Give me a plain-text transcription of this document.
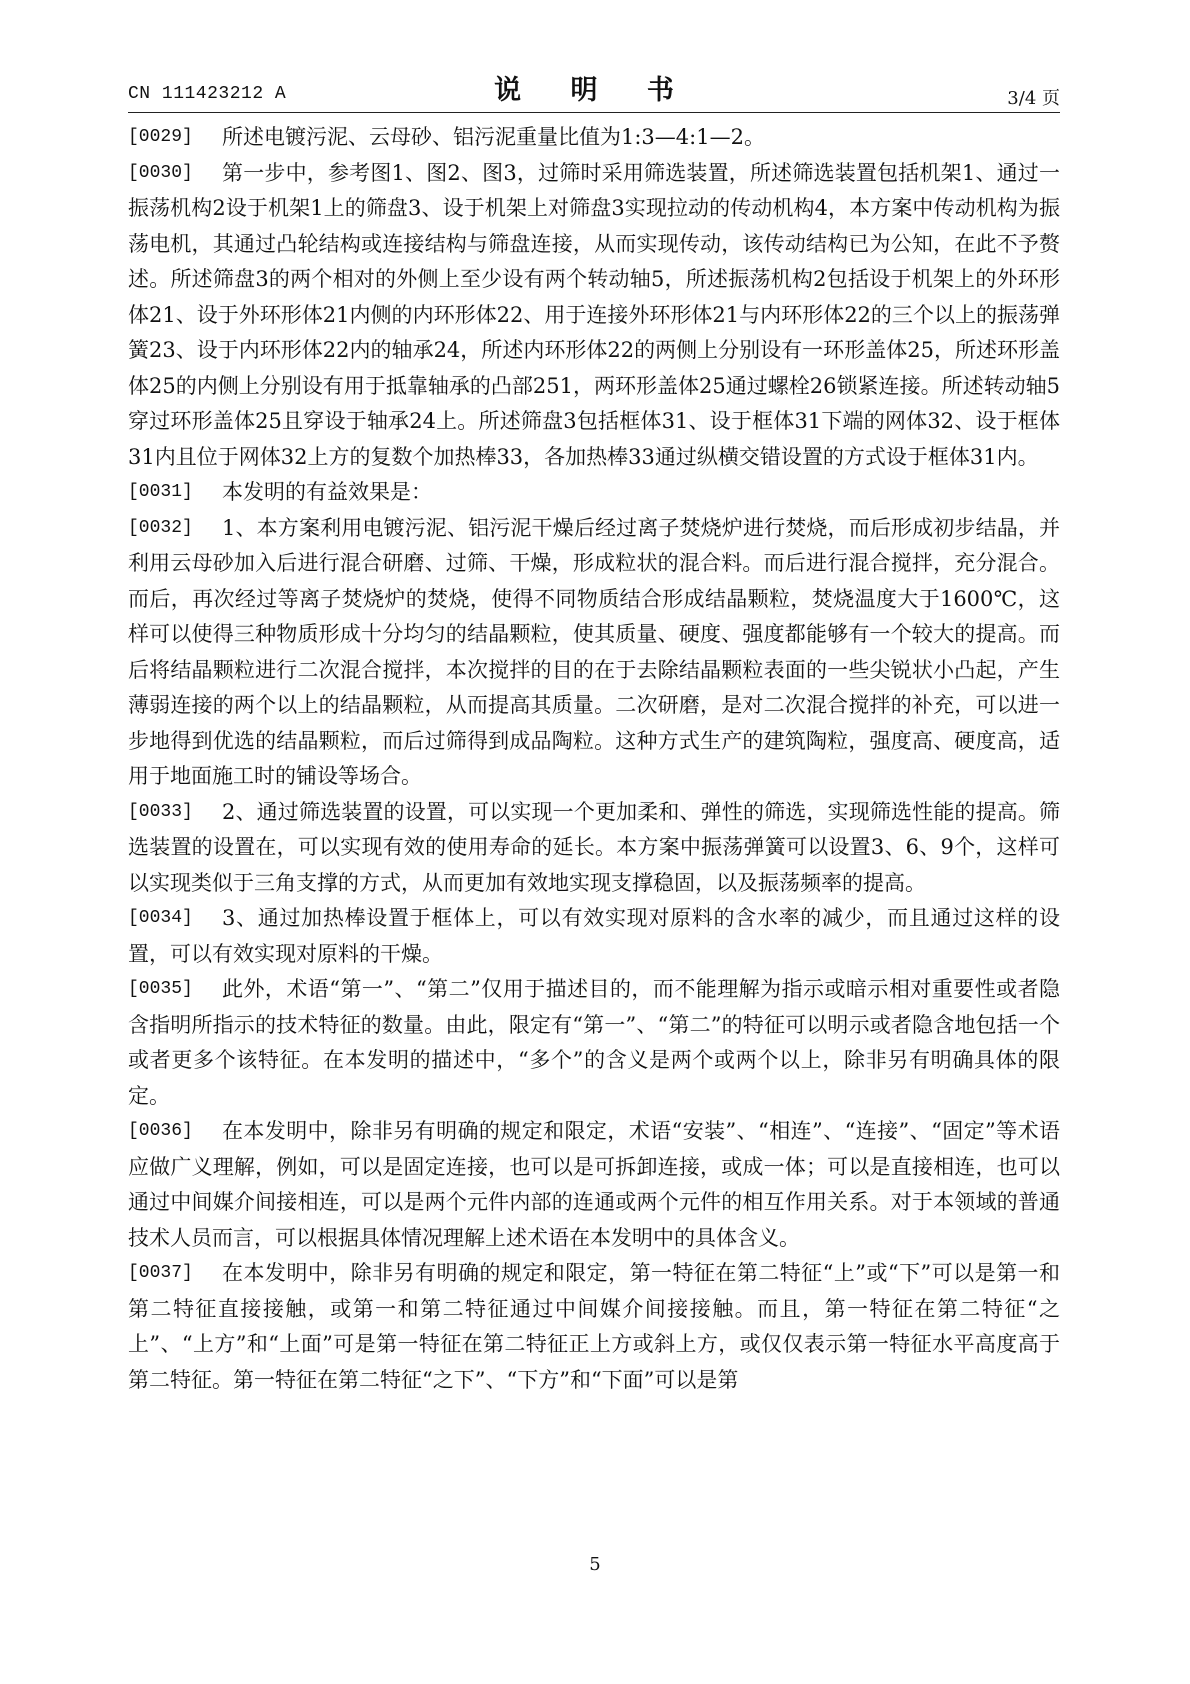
CN 111423212 A	说 明 书	3/4 页

[0029] 所述电镀污泥、云母砂、铝污泥重量比值为1:3—4:1—2。

[0030] 第一步中，参考图1、图2、图3，过筛时采用筛选装置，所述筛选装置包括机架1、通过一振荡机构2设于机架1上的筛盘3、设于机架上对筛盘3实现拉动的传动机构4，本方案中传动机构为振荡电机，其通过凸轮结构或连接结构与筛盘连接，从而实现传动，该传动结构已为公知，在此不予赘述。所述筛盘3的两个相对的外侧上至少设有两个转动轴5，所述振荡机构2包括设于机架上的外环形体21、设于外环形体21内侧的内环形体22、用于连接外环形体21与内环形体22的三个以上的振荡弹簧23、设于内环形体22内的轴承24，所述内环形体22的两侧上分别设有一环形盖体25，所述环形盖体25的内侧上分别设有用于抵靠轴承的凸部251，两环形盖体25通过螺栓26锁紧连接。所述转动轴5穿过环形盖体25且穿设于轴承24上。所述筛盘3包括框体31、设于框体31下端的网体32、设于框体31内且位于网体32上方的复数个加热棒33，各加热棒33通过纵横交错设置的方式设于框体31内。

[0031] 本发明的有益效果是：

[0032] 1、本方案利用电镀污泥、铝污泥干燥后经过离子焚烧炉进行焚烧，而后形成初步结晶，并利用云母砂加入后进行混合研磨、过筛、干燥，形成粒状的混合料。而后进行混合搅拌，充分混合。而后，再次经过等离子焚烧炉的焚烧，使得不同物质结合形成结晶颗粒，焚烧温度大于1600℃，这样可以使得三种物质形成十分均匀的结晶颗粒，使其质量、硬度、强度都能够有一个较大的提高。而后将结晶颗粒进行二次混合搅拌，本次搅拌的目的在于去除结晶颗粒表面的一些尖锐状小凸起，产生薄弱连接的两个以上的结晶颗粒，从而提高其质量。二次研磨，是对二次混合搅拌的补充，可以进一步地得到优选的结晶颗粒，而后过筛得到成品陶粒。这种方式生产的建筑陶粒，强度高、硬度高，适用于地面施工时的铺设等场合。

[0033] 2、通过筛选装置的设置，可以实现一个更加柔和、弹性的筛选，实现筛选性能的提高。筛选装置的设置在，可以实现有效的使用寿命的延长。本方案中振荡弹簧可以设置3、6、9个，这样可以实现类似于三角支撑的方式，从而更加有效地实现支撑稳固，以及振荡频率的提高。

[0034] 3、通过加热棒设置于框体上，可以有效实现对原料的含水率的减少，而且通过这样的设置，可以有效实现对原料的干燥。

[0035] 此外，术语“第一”、“第二”仅用于描述目的，而不能理解为指示或暗示相对重要性或者隐含指明所指示的技术特征的数量。由此，限定有“第一”、“第二”的特征可以明示或者隐含地包括一个或者更多个该特征。在本发明的描述中，“多个”的含义是两个或两个以上，除非另有明确具体的限定。

[0036] 在本发明中，除非另有明确的规定和限定，术语“安装”、“相连”、“连接”、“固定”等术语应做广义理解，例如，可以是固定连接，也可以是可拆卸连接，或成一体；可以是直接相连，也可以通过中间媒介间接相连，可以是两个元件内部的连通或两个元件的相互作用关系。对于本领域的普通技术人员而言，可以根据具体情况理解上述术语在本发明中的具体含义。

[0037] 在本发明中，除非另有明确的规定和限定，第一特征在第二特征“上”或“下”可以是第一和第二特征直接接触，或第一和第二特征通过中间媒介间接接触。而且，第一特征在第二特征“之上”、“上方”和“上面”可是第一特征在第二特征正上方或斜上方，或仅仅表示第一特征水平高度高于第二特征。第一特征在第二特征“之下”、“下方”和“下面”可以是第

5
